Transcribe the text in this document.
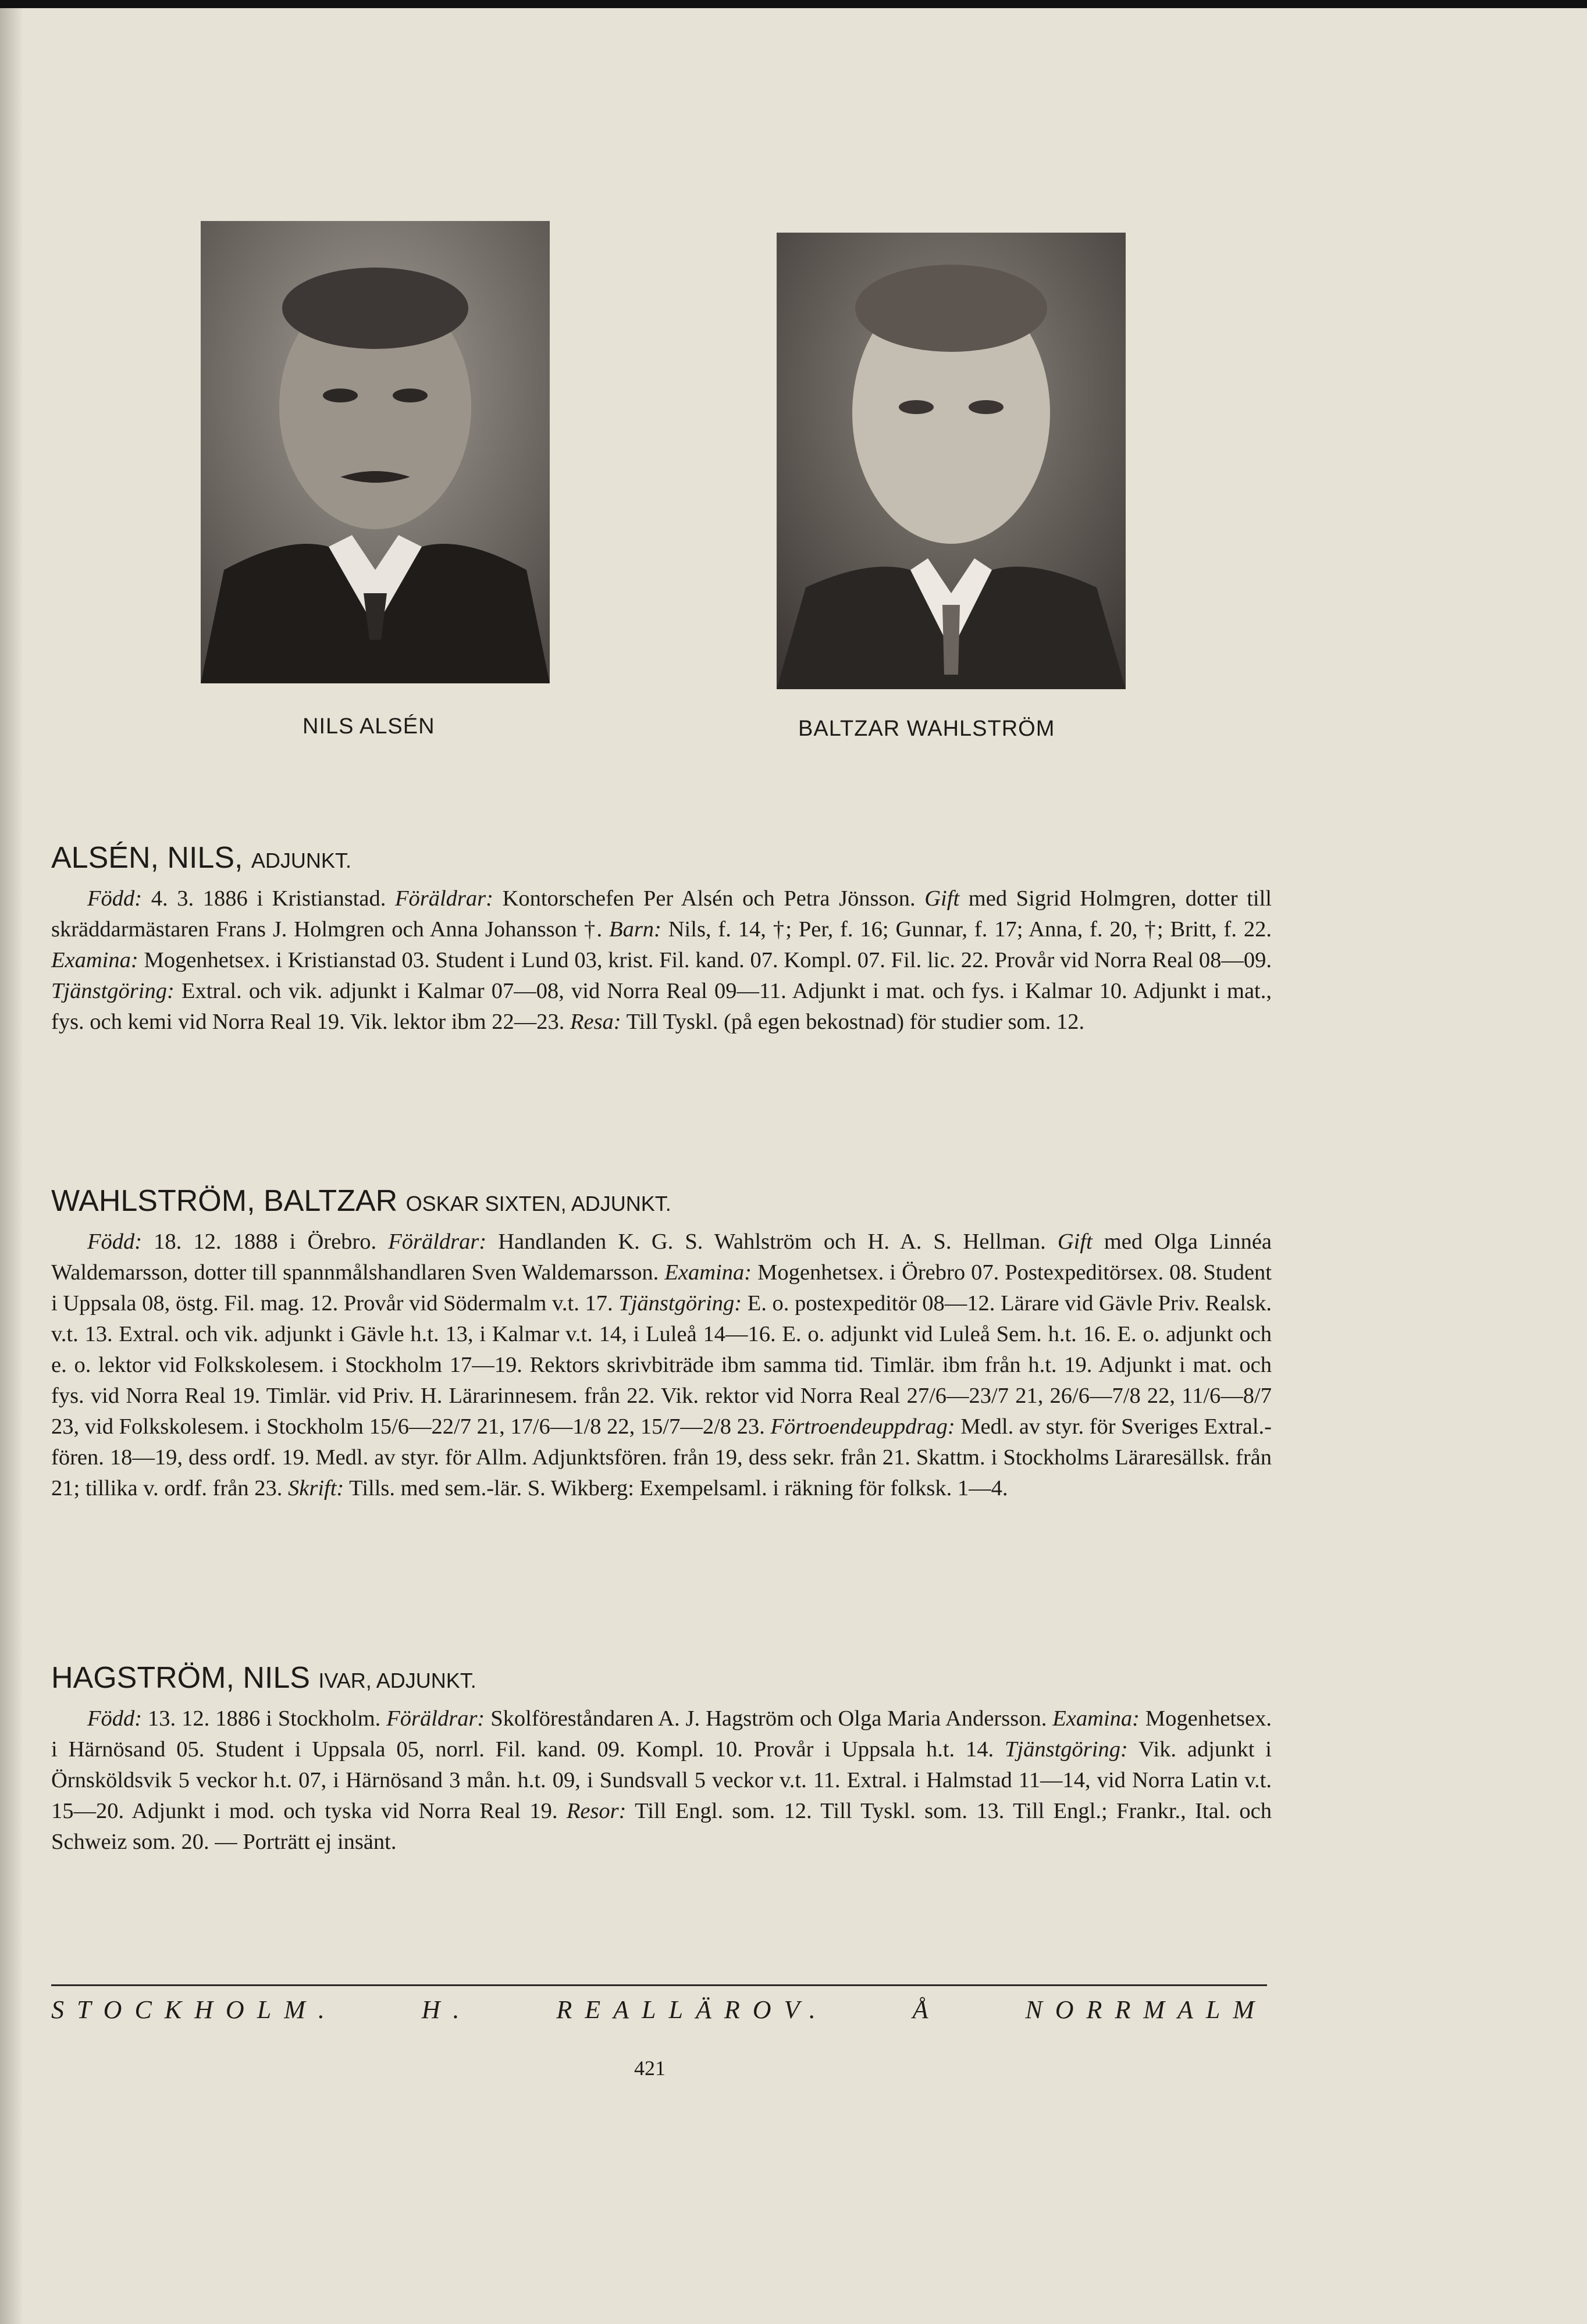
NILS ALSÉN	BALTZAR WAHLSTRÖM
ALSÉN, NILS, ADJUNKT.

Född: 4. 3. 1886 i Kristianstad. Föräldrar: Kontorschefen Per Alsén och Petra Jönsson. Gift med Sigrid Holmgren, dotter till skräddarmästaren Frans J. Holmgren och Anna Johansson †. Barn: Nils, f. 14, †; Per, f. 16; Gunnar, f. 17; Anna, f. 20, †; Britt, f. 22. Examina: Mogenhetsex. i Kristianstad 03. Student i Lund 03, krist. Fil. kand. 07. Kompl. 07. Fil. lic. 22. Provår vid Norra Real 08—09. Tjänstgöring: Extral. och vik. adjunkt i Kalmar 07—08, vid Norra Real 09—11. Adjunkt i mat. och fys. i Kalmar 10. Adjunkt i mat., fys. och kemi vid Norra Real 19. Vik. lektor ibm 22—23. Resa: Till Tyskl. (på egen bekostnad) för studier som. 12.

WAHLSTRÖM, BALTZAR OSKAR SIXTEN, ADJUNKT.

Född: 18. 12. 1888 i Örebro. Föräldrar: Handlanden K. G. S. Wahlström och H. A. S. Hellman. Gift med Olga Linnéa Waldemarsson, dotter till spannmålshandlaren Sven Waldemarsson. Examina: Mogenhetsex. i Örebro 07. Postexpeditörsex. 08. Student i Uppsala 08, östg. Fil. mag. 12. Provår vid Södermalm v.t. 17. Tjänstgöring: E. o. postexpeditör 08—12. Lärare vid Gävle Priv. Realsk. v.t. 13. Extral. och vik. adjunkt i Gävle h.t. 13, i Kalmar v.t. 14, i Luleå 14—16. E. o. adjunkt vid Luleå Sem. h.t. 16. E. o. adjunkt och e. o. lektor vid Folkskolesem. i Stockholm 17—19. Rektors skrivbiträde ibm samma tid. Timlär. ibm från h.t. 19. Adjunkt i mat. och fys. vid Norra Real 19. Timlär. vid Priv. H. Lärarinnesem. från 22. Vik. rektor vid Norra Real 27/6—23/7 21, 26/6—7/8 22, 11/6—8/7 23, vid Folkskolesem. i Stockholm 15/6—22/7 21, 17/6—1/8 22, 15/7—2/8 23. Förtroendeuppdrag: Medl. av styr. för Sveriges Extral.-fören. 18—19, dess ordf. 19. Medl. av styr. för Allm. Adjunktsfören. från 19, dess sekr. från 21. Skattm. i Stockholms Läraresällsk. från 21; tillika v. ordf. från 23. Skrift: Tills. med sem.-lär. S. Wikberg: Exempelsaml. i räkning för folksk. 1—4.

HAGSTRÖM, NILS IVAR, ADJUNKT.

Född: 13. 12. 1886 i Stockholm. Föräldrar: Skolföreståndaren A. J. Hagström och Olga Maria Andersson. Examina: Mogenhetsex. i Härnösand 05. Student i Uppsala 05, norrl. Fil. kand. 09. Kompl. 10. Provår i Uppsala h.t. 14. Tjänstgöring: Vik. adjunkt i Örnsköldsvik 5 veckor h.t. 07, i Härnösand 3 mån. h.t. 09, i Sundsvall 5 veckor v.t. 11. Extral. i Halmstad 11—14, vid Norra Latin v.t. 15—20. Adjunkt i mod. och tyska vid Norra Real 19. Resor: Till Engl. som. 12. Till Tyskl. som. 13. Till Engl.; Frankr., Ital. och Schweiz som. 20. — Porträtt ej insänt.

STOCKHOLM.	H.	REALLÄROV.	Å	NORRMALM
421
